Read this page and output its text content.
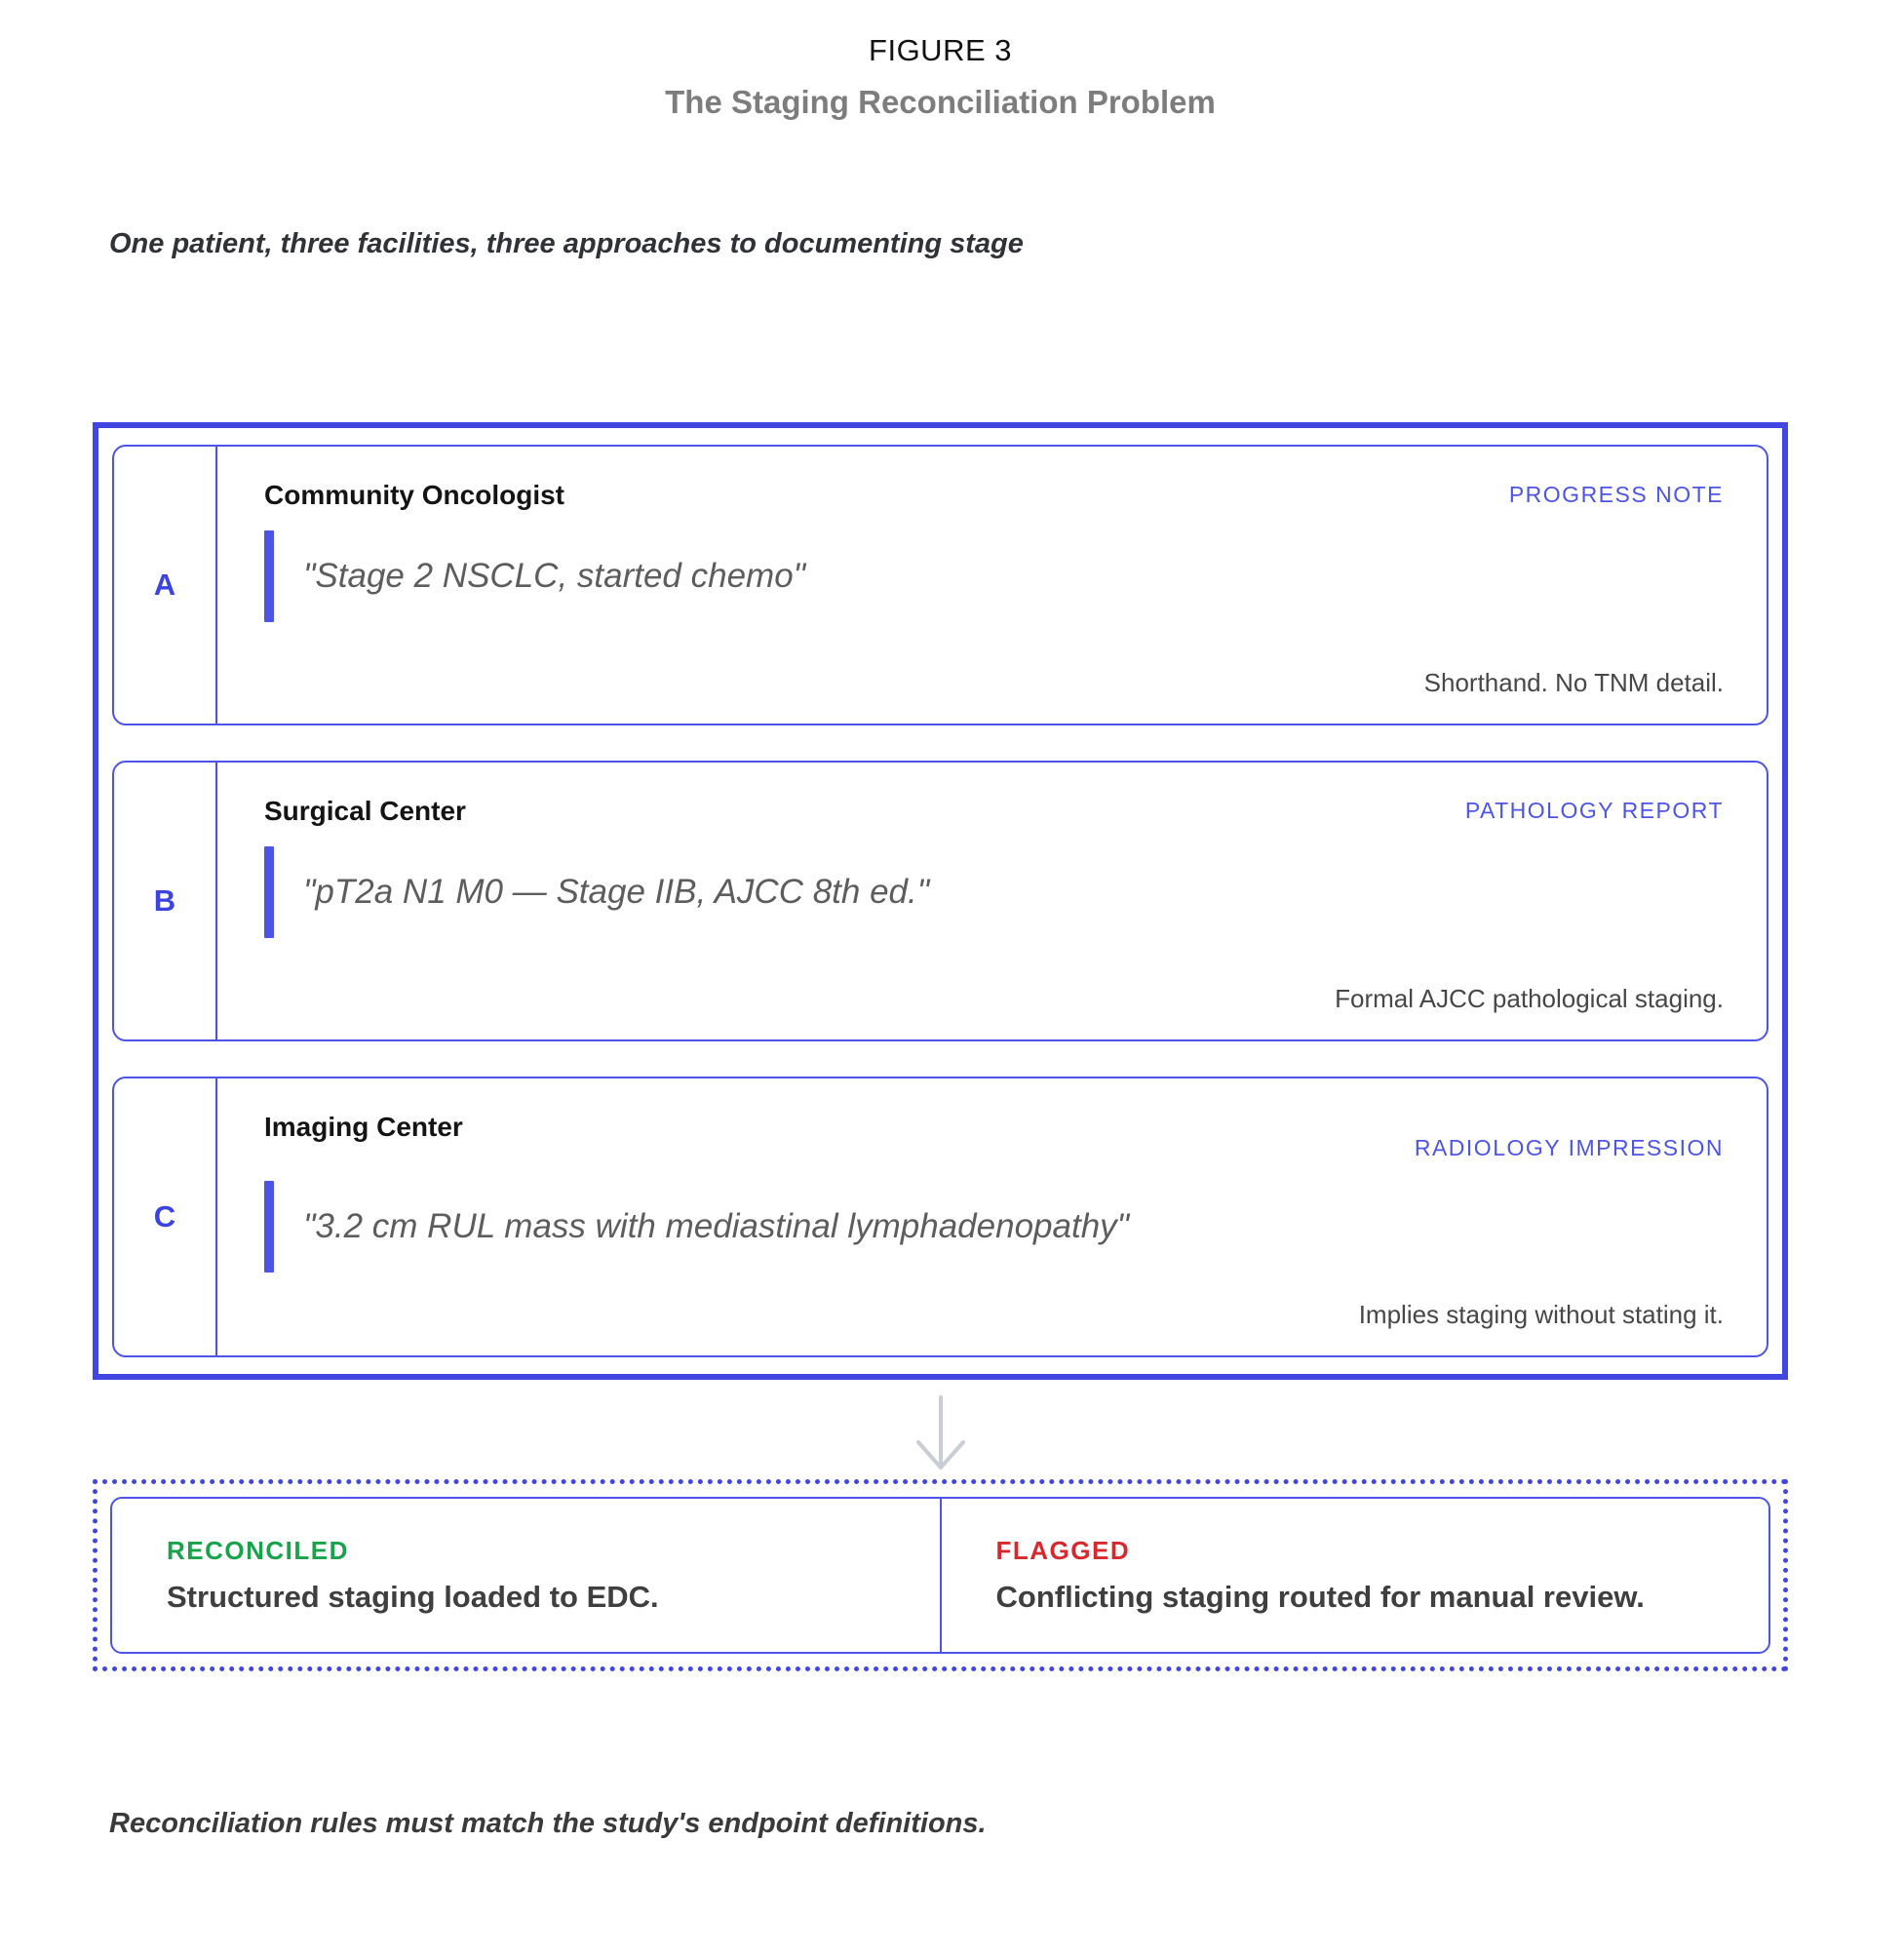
FIGURE 3
The Staging Reconciliation Problem
One patient, three facilities, three approaches to documenting stage
A
Community Oncologist	PROGRESS NOTE
"Stage 2 NSCLC, started chemo"
Shorthand. No TNM detail.
B
Surgical Center	PATHOLOGY REPORT
"pT2a N1 M0 — Stage IIB, AJCC 8th ed."
Formal AJCC pathological staging.
C
Imaging Center
RADIOLOGY IMPRESSION
"3.2 cm RUL mass with mediastinal lymphadenopathy"
Implies staging without stating it.
RECONCILED
Structured staging loaded to EDC.
FLAGGED
Conflicting staging routed for manual review.
Reconciliation rules must match the study's endpoint definitions.
